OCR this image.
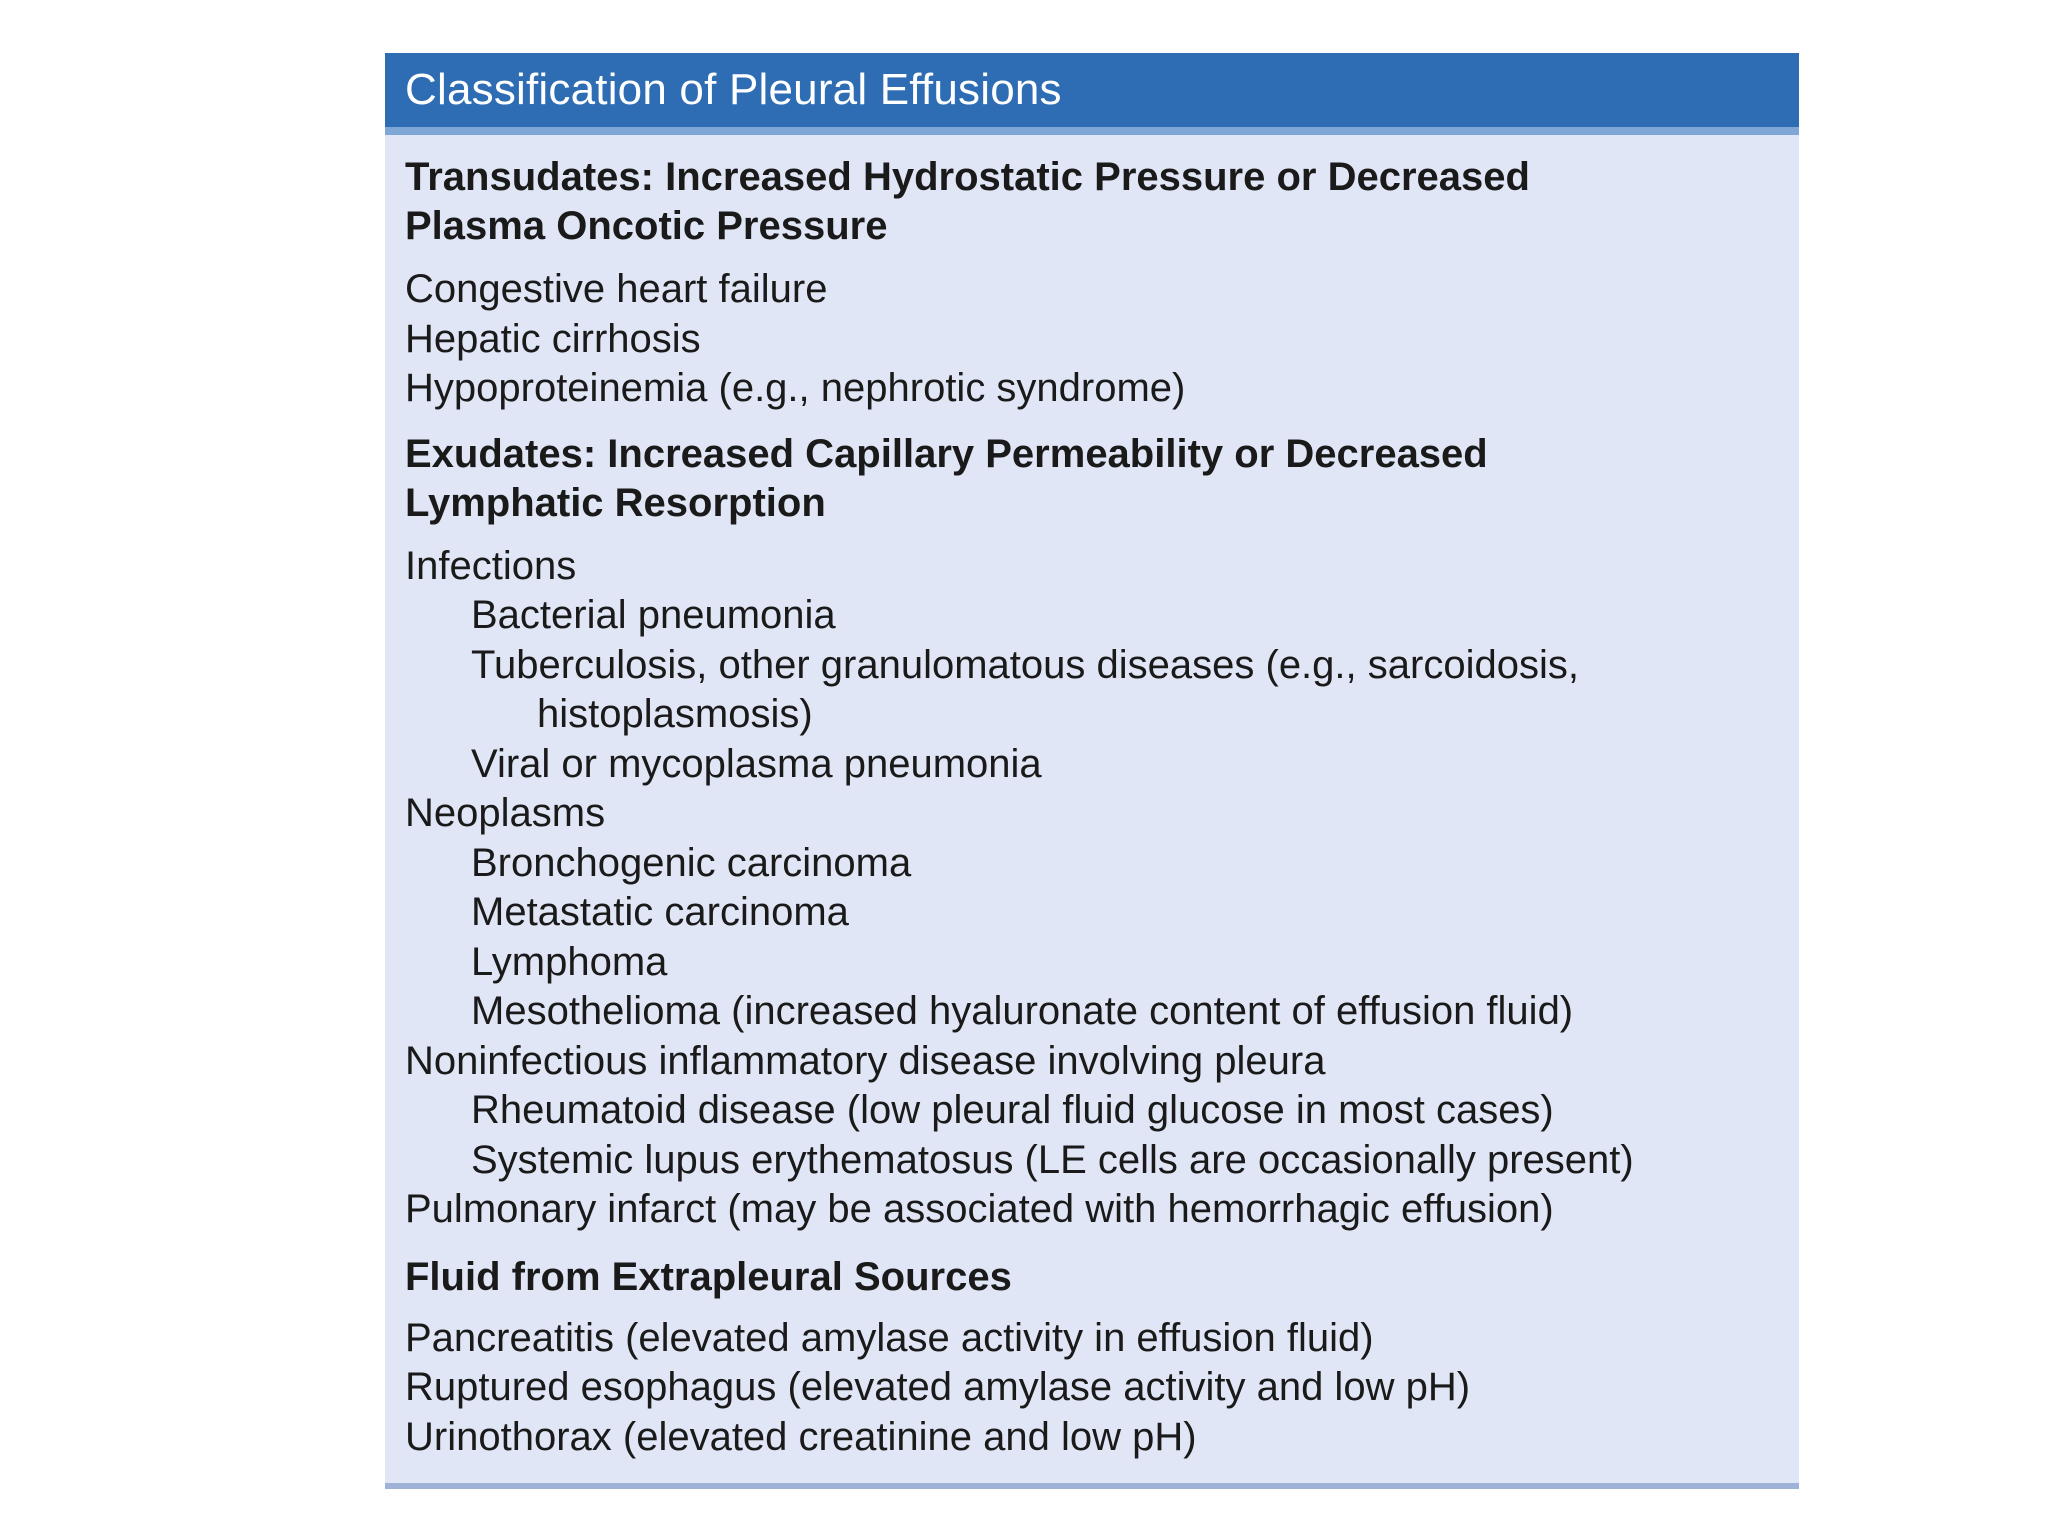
Classification of Pleural Effusions

Transudates: Increased Hydrostatic Pressure or Decreased

Plasma Oncotic Pressure

Congestive heart failure

Hepatic cirrhosis

Hypoproteinemia (e.g., nephrotic syndrome)

Exudates: Increased Capillary Permeability or Decreased

Lymphatic Resorption

Infections

Bacterial pneumonia

Tuberculosis, other granulomatous diseases (e.g., sarcoidosis,

histoplasmosis)

Viral or mycoplasma pneumonia

Neoplasms

Bronchogenic carcinoma

Metastatic carcinoma

Lymphoma

Mesothelioma (increased hyaluronate content of effusion fluid)

Noninfectious inflammatory disease involving pleura

Rheumatoid disease (low pleural fluid glucose in most cases)

Systemic lupus erythematosus (LE cells are occasionally present)

Pulmonary infarct (may be associated with hemorrhagic effusion)

Fluid from Extrapleural Sources

Pancreatitis (elevated amylase activity in effusion fluid)

Ruptured esophagus (elevated amylase activity and low pH)

Urinothorax (elevated creatinine and low pH)
